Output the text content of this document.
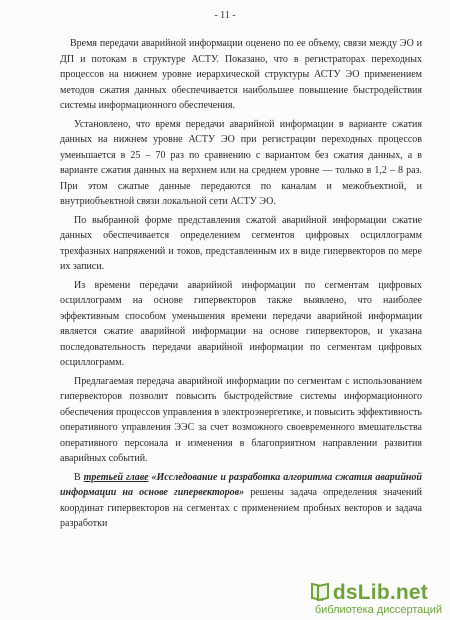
- 11 -

Время передачи аварийной информации оценено по ее объему, связи между ЭО и ДП и потокам в структуре АСТУ. Показано, что в регистраторах переходных процессов на нижнем уровне иерархической структуры АСТУ ЭО применением методов сжатия данных обеспечивается наибольшее повышение быстродействия системы информационного обеспечения.

Установлено, что время передачи аварийной информации в варианте сжатия данных на нижнем уровне АСТУ ЭО при регистрации переходных процессов уменьшается в 25 – 70 раз по сравнению с вариантом без сжатия данных, а в варианте сжатия данных на верхнем или на среднем уровне — только в 1,2 – 8 раз. При этом сжатые данные передаются по каналам и межобъектной, и внутриобъектной связи локальной сети АСТУ ЭО.

По выбранной форме представления сжатой аварийной информации сжатие данных обеспечивается определением сегментов цифровых осциллограмм трехфазных напряжений и токов, представленным их в виде гипервекторов по мере их записи.

Из времени передачи аварийной информации по сегментам цифровых осциллограмм на основе гипервекторов также выявлено, что наиболее эффективным способом уменьшения времени передачи аварийной информации является сжатие аварийной информации на основе гипервекторов, и указана последовательность передачи аварийной информации по сегментам цифровых осциллограмм.

Предлагаемая передача аварийной информации по сегментам с использованием гипервекторов позволит повысить быстродействие системы информационного обеспечения процессов управления в электроэнергетике, и повысить эффективность оперативного управления ЭЭС за счет возможного своевременного вмешательства оперативного персонала и изменения в благоприятном направлении развития аварийных событий.

В третьей главе «Исследование и разработка алгоритма сжатия аварийной информации на основе гипервекторов» решены задача определения значений координат гипервекторов на сегментах с применением пробных векторов и задача разработки

dsLib.net
библиотека диссертаций
